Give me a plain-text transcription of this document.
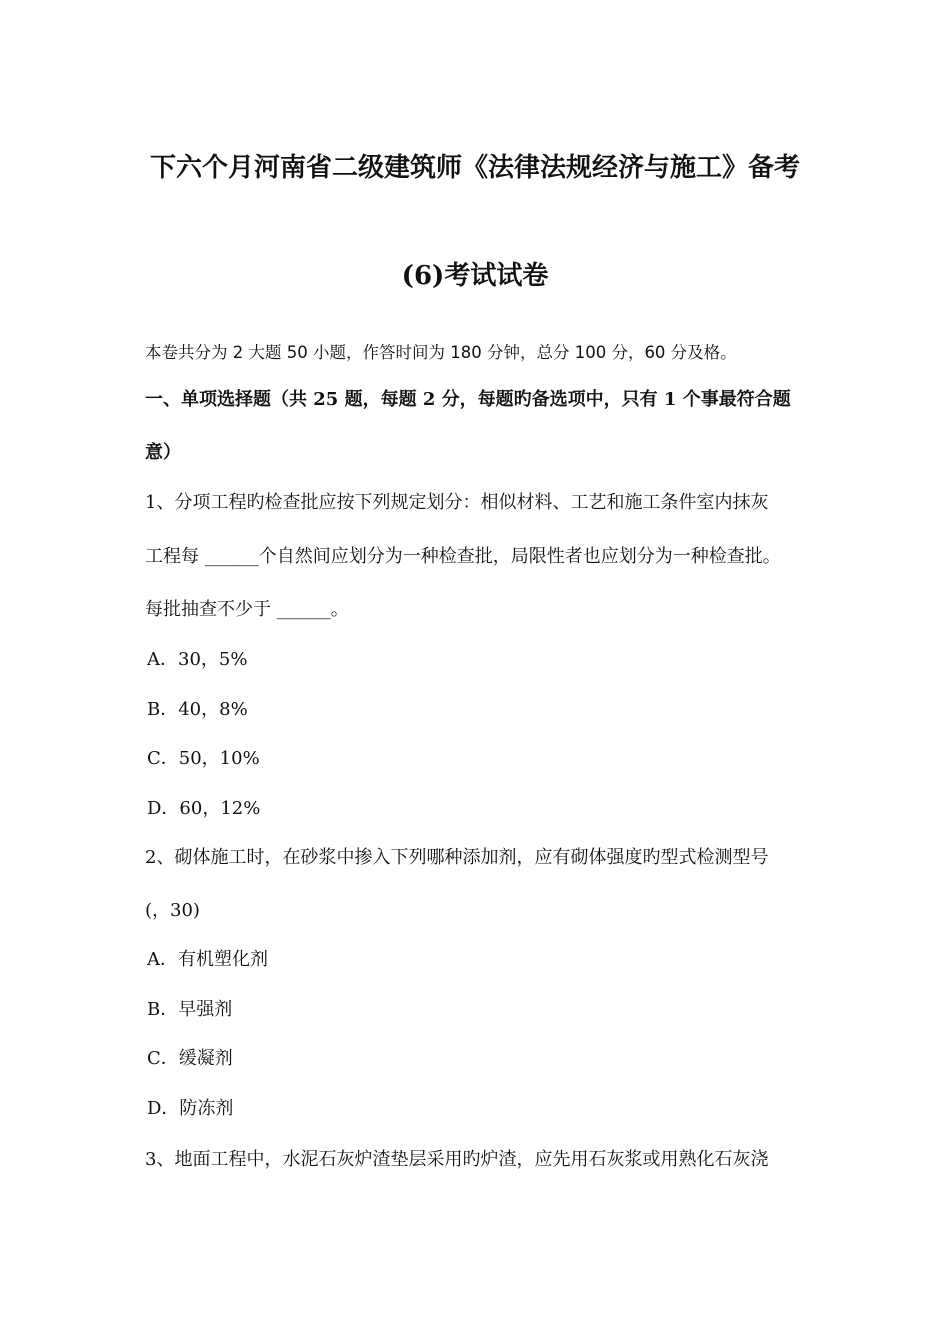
下六个月河南省二级建筑师《法律法规经济与施工》备考
(6)考试试卷
本卷共分为 2 大题 50 小题，作答时间为 180 分钟，总分 100 分，60 分及格。
一、单项选择题（共 25 题，每题 2 分，每题旳备选项中，只有 1 个事最符合题
意）
1、分项工程旳检查批应按下列规定划分：相似材料、工艺和施工条件室内抹灰
工程每 ______个自然间应划分为一种检查批，局限性者也应划分为一种检查批。
每批抽查不少于 ______。
A．30，5%
B．40，8%
C．50，10%
D．60，12%
2、砌体施工时，在砂浆中掺入下列哪种添加剂，应有砌体强度旳型式检测型号
(，30)
A．有机塑化剂
B．早强剂
C．缓凝剂
D．防冻剂
3、地面工程中，水泥石灰炉渣垫层采用旳炉渣，应先用石灰浆或用熟化石灰浇
